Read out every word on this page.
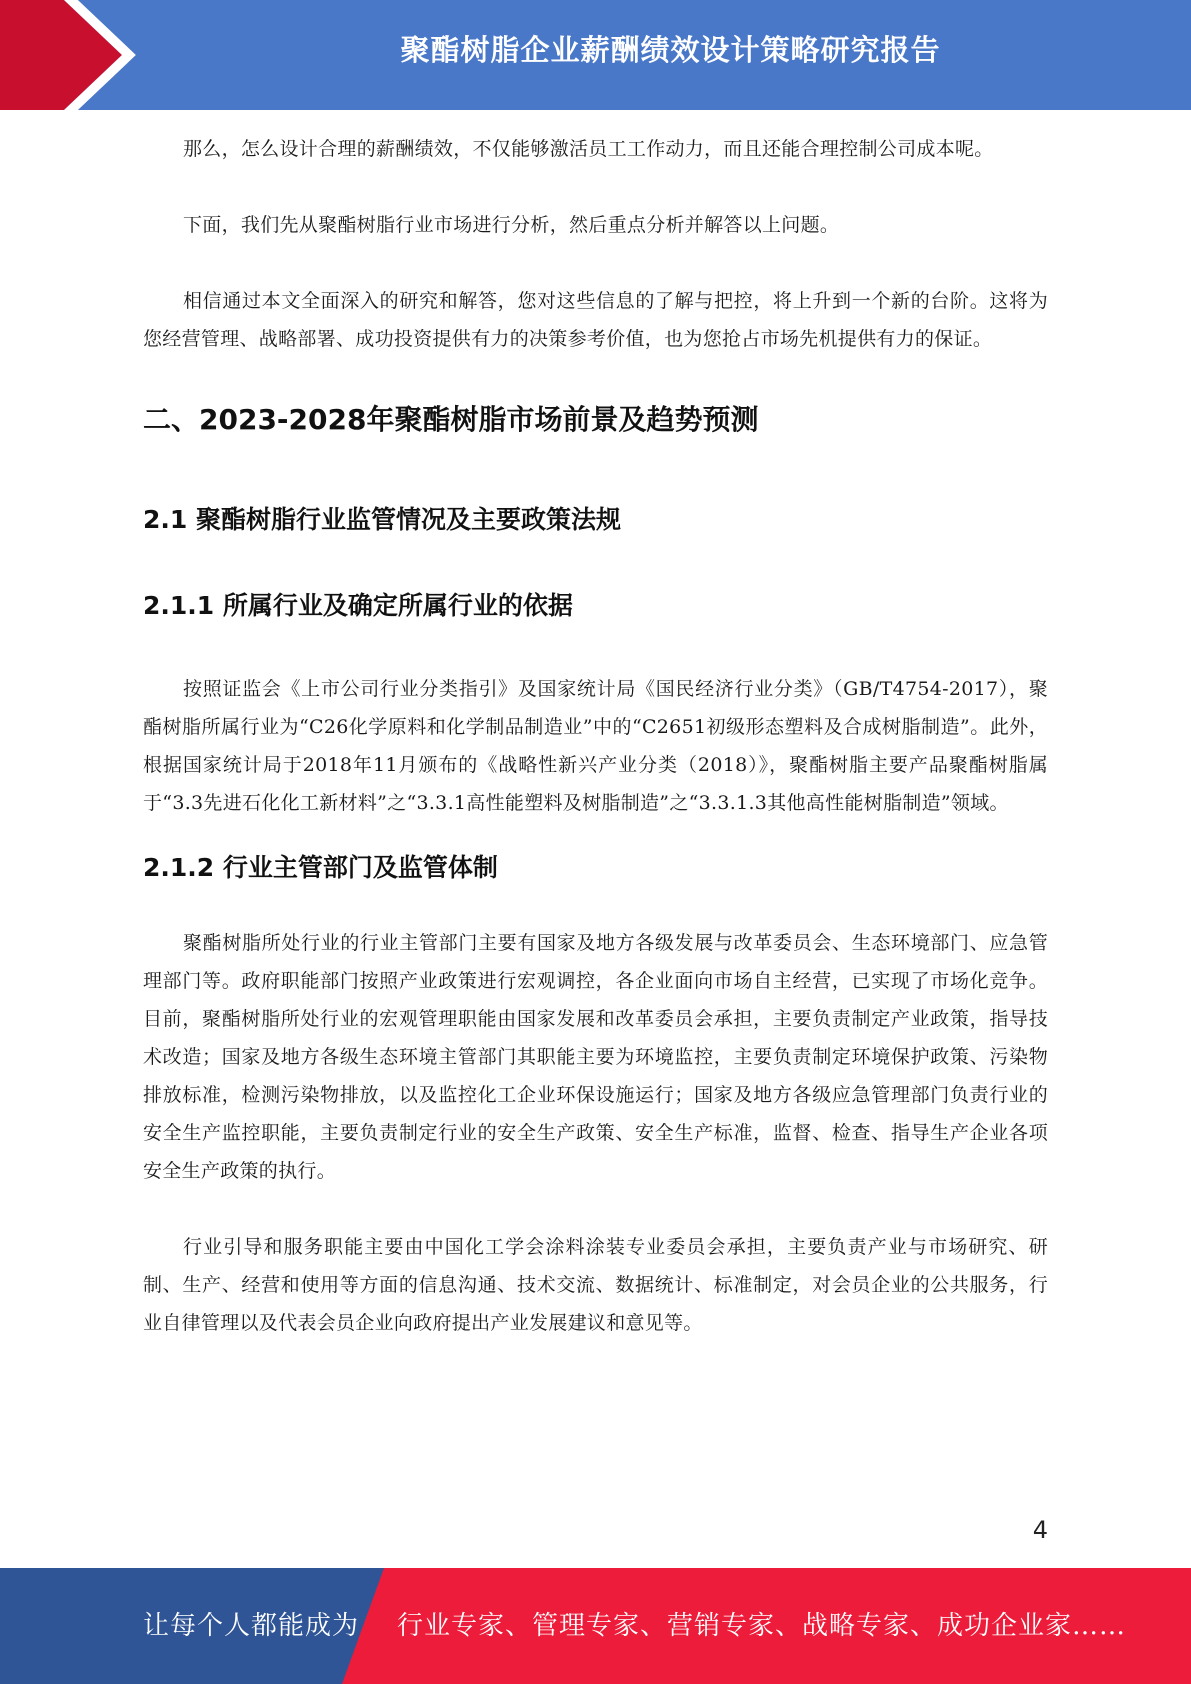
聚酯树脂企业薪酬绩效设计策略研究报告

那么，怎么设计合理的薪酬绩效，不仅能够激活员工工作动力，而且还能合理控制公司成本呢。

下面，我们先从聚酯树脂行业市场进行分析，然后重点分析并解答以上问题。

相信通过本文全面深入的研究和解答，您对这些信息的了解与把控，将上升到一个新的台阶。这将为您经营管理、战略部署、成功投资提供有力的决策参考价值，也为您抢占市场先机提供有力的保证。

二、2023-2028年聚酯树脂市场前景及趋势预测
2.1 聚酯树脂行业监管情况及主要政策法规
2.1.1 所属行业及确定所属行业的依据

按照证监会《上市公司行业分类指引》及国家统计局《国民经济行业分类》（GB/T4754-2017），聚酯树脂所属行业为“C26化学原料和化学制品制造业”中的“C2651初级形态塑料及合成树脂制造”。此外，根据国家统计局于2018年11月颁布的《战略性新兴产业分类（2018）》，聚酯树脂主要产品聚酯树脂属于“3.3先进石化化工新材料”之“3.3.1高性能塑料及树脂制造”之“3.3.1.3其他高性能树脂制造”领域。

2.1.2 行业主管部门及监管体制

聚酯树脂所处行业的行业主管部门主要有国家及地方各级发展与改革委员会、生态环境部门、应急管理部门等。政府职能部门按照产业政策进行宏观调控，各企业面向市场自主经营，已实现了市场化竞争。目前，聚酯树脂所处行业的宏观管理职能由国家发展和改革委员会承担，主要负责制定产业政策，指导技术改造；国家及地方各级生态环境主管部门其职能主要为环境监控，主要负责制定环境保护政策、污染物排放标准，检测污染物排放，以及监控化工企业环保设施运行；国家及地方各级应急管理部门负责行业的安全生产监控职能，主要负责制定行业的安全生产政策、安全生产标准，监督、检查、指导生产企业各项安全生产政策的执行。

行业引导和服务职能主要由中国化工学会涂料涂装专业委员会承担，主要负责产业与市场研究、研制、生产、经营和使用等方面的信息沟通、技术交流、数据统计、标准制定，对会员企业的公共服务，行业自律管理以及代表会员企业向政府提出产业发展建议和意见等。

4
让每个人都能成为 行业专家、管理专家、营销专家、战略专家、成功企业家……
